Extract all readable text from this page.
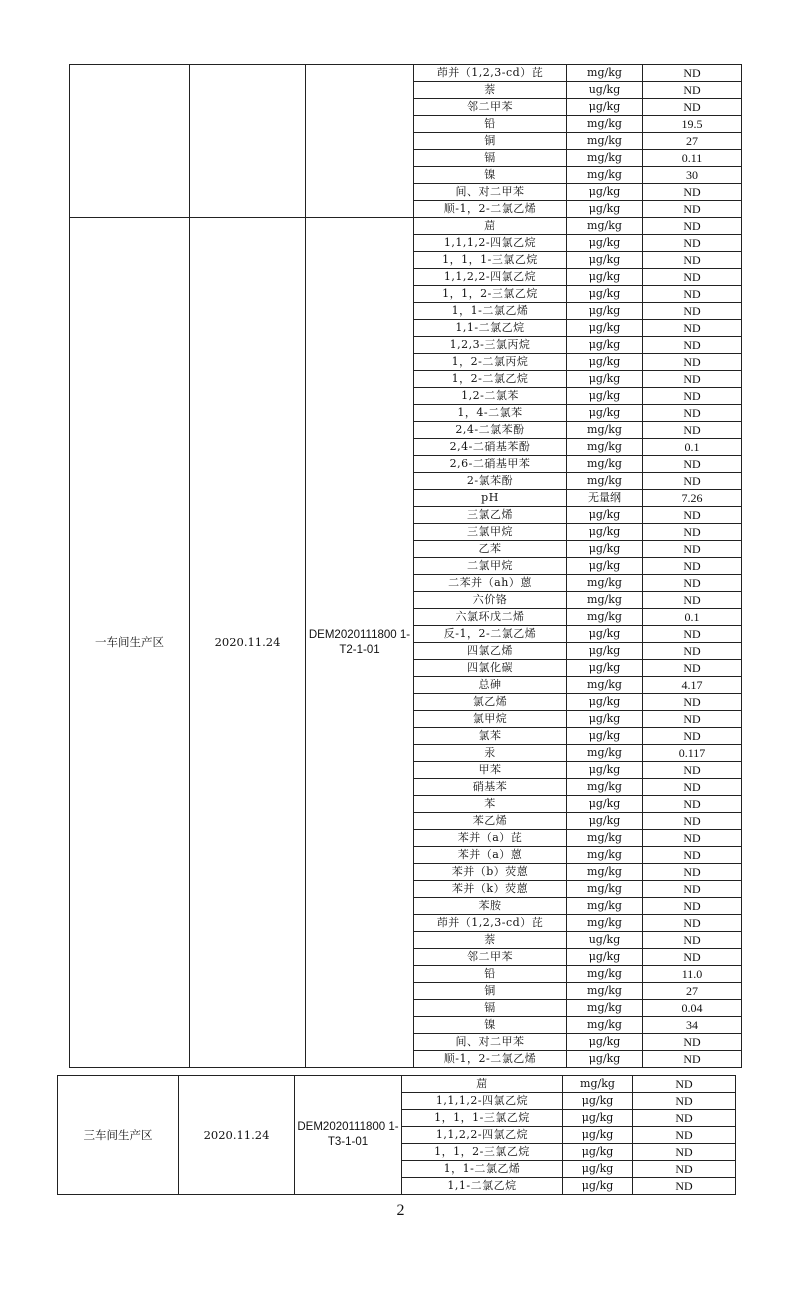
			茚并（1,2,3-cd）芘	mg/kg	ND
			萘	ug/kg	ND
			邻二甲苯	μg/kg	ND
			铅	mg/kg	19.5
			铜	mg/kg	27
			镉	mg/kg	0.11
			镍	mg/kg	30
			间、对二甲苯	μg/kg	ND
			顺-1，2-二氯乙烯	μg/kg	ND
一车间生产区	2020.11.24	DEM2020111800 1-T2-1-01	䓛	mg/kg	ND
			1,1,1,2-四氯乙烷	μg/kg	ND
			1，1，1-三氯乙烷	μg/kg	ND
			1,1,2,2-四氯乙烷	μg/kg	ND
			1，1，2-三氯乙烷	μg/kg	ND
			1，1-二氯乙烯	μg/kg	ND
			1,1-二氯乙烷	μg/kg	ND
			1,2,3-三氯丙烷	μg/kg	ND
			1，2-二氯丙烷	μg/kg	ND
			1，2-二氯乙烷	μg/kg	ND
			1,2-二氯苯	μg/kg	ND
			1，4-二氯苯	μg/kg	ND
			2,4-二氯苯酚	mg/kg	ND
			2,4-二硝基苯酚	mg/kg	0.1
			2,6-二硝基甲苯	mg/kg	ND
			2-氯苯酚	mg/kg	ND
			pH	无量纲	7.26
			三氯乙烯	μg/kg	ND
			三氯甲烷	μg/kg	ND
			乙苯	μg/kg	ND
			二氯甲烷	μg/kg	ND
			二苯并（ah）蒽	mg/kg	ND
			六价铬	mg/kg	ND
			六氯环戊二烯	mg/kg	0.1
			反-1，2-二氯乙烯	μg/kg	ND
			四氯乙烯	μg/kg	ND
			四氯化碳	μg/kg	ND
			总砷	mg/kg	4.17
			氯乙烯	μg/kg	ND
			氯甲烷	μg/kg	ND
			氯苯	μg/kg	ND
			汞	mg/kg	0.117
			甲苯	μg/kg	ND
			硝基苯	mg/kg	ND
			苯	μg/kg	ND
			苯乙烯	μg/kg	ND
			苯并（a）芘	mg/kg	ND
			苯并（a）蒽	mg/kg	ND
			苯并（b）荧蒽	mg/kg	ND
			苯并（k）荧蒽	mg/kg	ND
			苯胺	mg/kg	ND
			茚并（1,2,3-cd）芘	mg/kg	ND
			萘	ug/kg	ND
			邻二甲苯	μg/kg	ND
			铅	mg/kg	11.0
			铜	mg/kg	27
			镉	mg/kg	0.04
			镍	mg/kg	34
			间、对二甲苯	μg/kg	ND
			顺-1，2-二氯乙烯	μg/kg	ND
三车间生产区	2020.11.24	DEM2020111800 1-T3-1-01	䓛	mg/kg	ND
			1,1,1,2-四氯乙烷	μg/kg	ND
			1，1，1-三氯乙烷	μg/kg	ND
			1,1,2,2-四氯乙烷	μg/kg	ND
			1，1，2-三氯乙烷	μg/kg	ND
			1，1-二氯乙烯	μg/kg	ND
			1,1-二氯乙烷	μg/kg	ND
2
